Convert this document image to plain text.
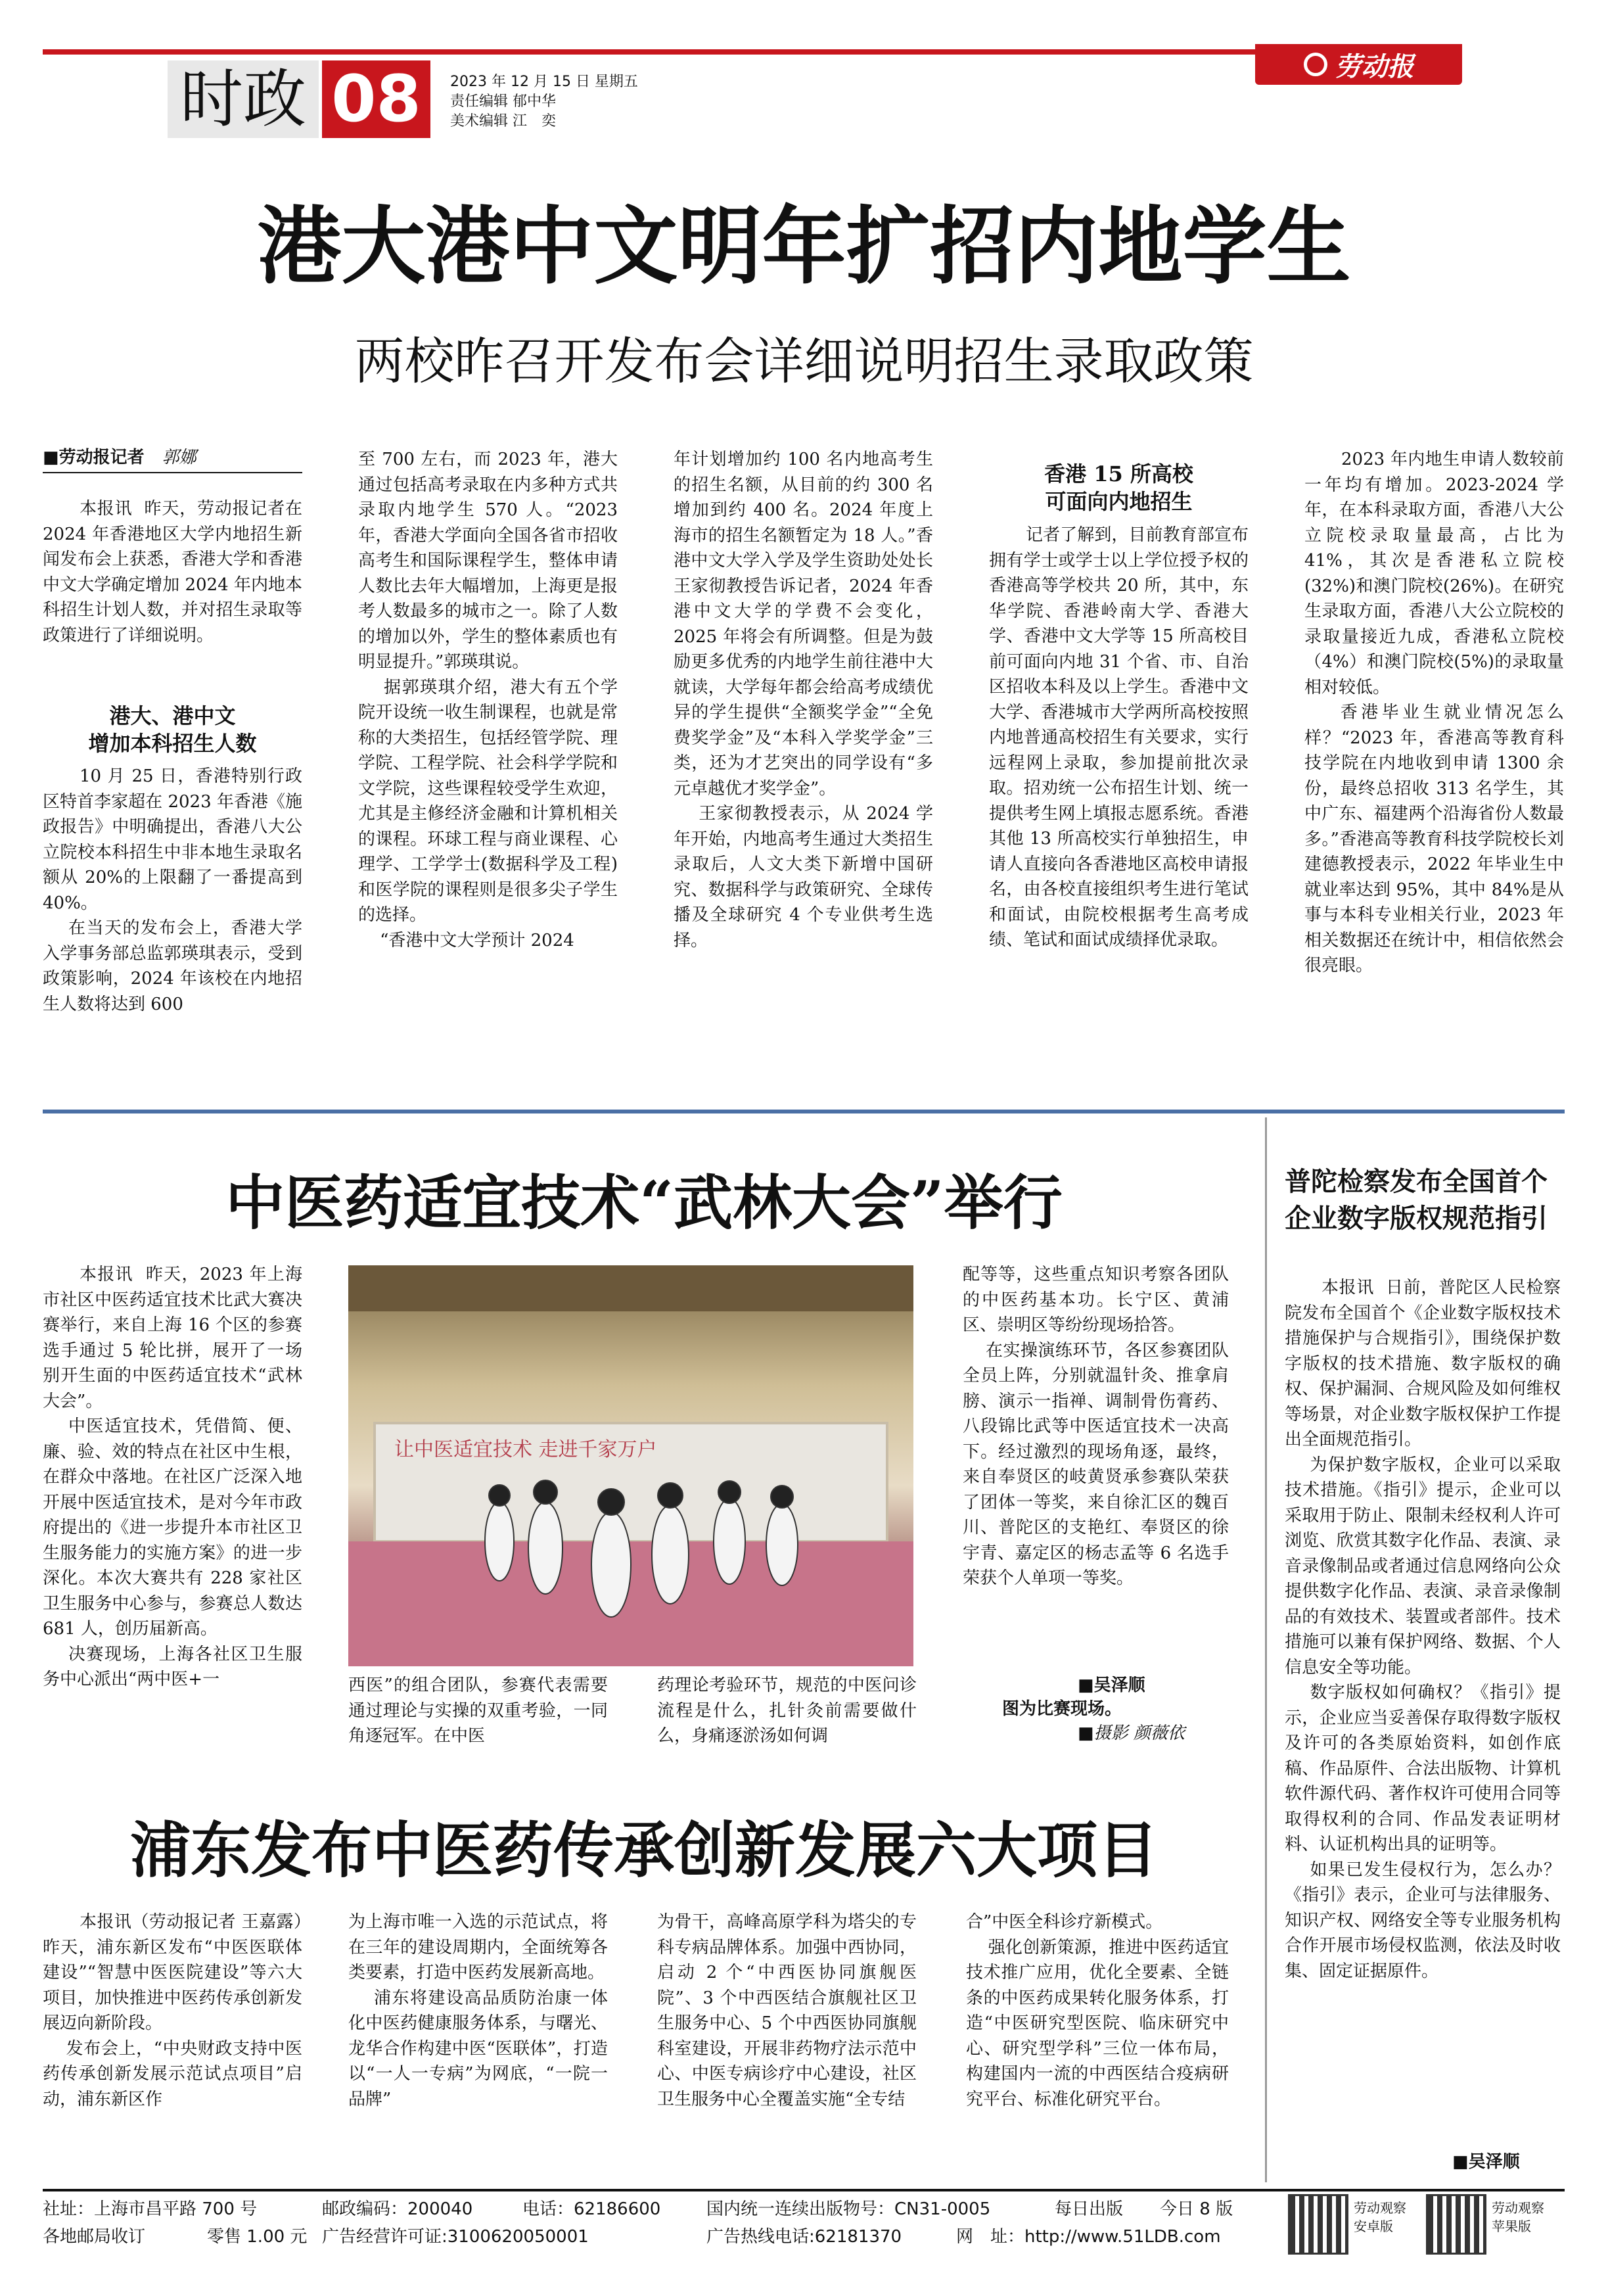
时政 08	2023 年 12 月 15 日 星期五
责任编辑 郁中华
美术编辑 江　奕
劳动报
港大港中文明年扩招内地学生
两校昨召开发布会详细说明招生录取政策
■劳动报记者 郭娜
本报讯  昨天，劳动报记者在 2024 年香港地区大学内地招生新闻发布会上获悉，香港大学和香港中文大学确定增加 2024 年内地本科招生计划人数，并对招生录取等政策进行了详细说明。
港大、港中文
增加本科招生人数
10 月 25 日，香港特别行政区特首李家超在 2023 年香港《施政报告》中明确提出，香港八大公立院校本科招生中非本地生录取名额从 20%的上限翻了一番提高到 40%。
在当天的发布会上，香港大学入学事务部总监郭瑛琪表示，受到政策影响，2024 年该校在内地招生人数将达到 600
至 700 左右，而 2023 年，港大通过包括高考录取在内多种方式共录取内地学生 570 人。“2023 年，香港大学面向全国各省市招收高考生和国际课程学生，整体申请人数比去年大幅增加，上海更是报考人数最多的城市之一。除了人数的增加以外，学生的整体素质也有明显提升。”郭瑛琪说。
据郭瑛琪介绍，港大有五个学院开设统一收生制课程，也就是常称的大类招生，包括经管学院、理学院、工程学院、社会科学学院和文学院，这些课程较受学生欢迎，尤其是主修经济金融和计算机相关的课程。环球工程与商业课程、心理学、工学学士(数据科学及工程)和医学院的课程则是很多尖子学生的选择。
“香港中文大学预计 2024
年计划增加约 100 名内地高考生的招生名额，从目前的约 300 名增加到约 400 名。2024 年度上海市的招生名额暂定为 18 人。”香港中文大学入学及学生资助处处长王家彻教授告诉记者，2024 年香港中文大学的学费不会变化，2025 年将会有所调整。但是为鼓励更多优秀的内地学生前往港中大就读，大学每年都会给高考成绩优异的学生提供“全额奖学金”“全免费奖学金”及“本科入学奖学金”三类，还为才艺突出的同学设有“多元卓越优才奖学金”。
王家彻教授表示，从 2024 学年开始，内地高考生通过大类招生录取后，人文大类下新增中国研究、数据科学与政策研究、全球传播及全球研究 4 个专业供考生选择。
香港 15 所高校
可面向内地招生
记者了解到，目前教育部宣布拥有学士或学士以上学位授予权的香港高等学校共 20 所，其中，东华学院、香港岭南大学、香港大学、香港中文大学等 15 所高校目前可面向内地 31 个省、市、自治区招收本科及以上学生。香港中文大学、香港城市大学两所高校按照内地普通高校招生有关要求，实行远程网上录取，参加提前批次录取。招劝统一公布招生计划、统一提供考生网上填报志愿系统。香港其他 13 所高校实行单独招生，申请人直接向各香港地区高校申请报名，由各校直接组织考生进行笔试和面试，由院校根据考生高考成绩、笔试和面试成绩择优录取。
2023 年内地生申请人数较前一年均有增加。2023-2024 学年，在本科录取方面，香港八大公立院校录取量最高，占比为 41%，其次是香港私立院校(32%)和澳门院校(26%)。在研究生录取方面，香港八大公立院校的录取量接近九成，香港私立院校（4%）和澳门院校(5%)的录取量相对较低。
香港毕业生就业情况怎么样？“2023 年，香港高等教育科技学院在内地收到申请 1300 余份，最终总招收 313 名学生，其中广东、福建两个沿海省份人数最多。”香港高等教育科技学院校长刘建德教授表示，2022 年毕业生中就业率达到 95%，其中 84%是从事与本科专业相关行业，2023 年相关数据还在统计中，相信依然会很亮眼。
中医药适宜技术“武林大会”举行
本报讯  昨天，2023 年上海市社区中医药适宜技术比武大赛决赛举行，来自上海 16 个区的参赛选手通过 5 轮比拼，展开了一场别开生面的中医药适宜技术“武林大会”。
中医适宜技术，凭借简、便、廉、验、效的特点在社区中生根，在群众中落地。在社区广泛深入地开展中医适宜技术，是对今年市政府提出的《进一步提升本市社区卫生服务能力的实施方案》的进一步深化。本次大赛共有 228 家社区卫生服务中心参与，参赛总人数达 681 人，创历届新高。
决赛现场，上海各社区卫生服务中心派出“两中医+一
让中医适宜技术 走进千家万户
西医”的组合团队，参赛代表需要通过理论与实操的双重考验，一同角逐冠军。在中医
药理论考验环节，规范的中医问诊流程是什么，扎针灸前需要做什么，身痛逐淤汤如何调
配等等，这些重点知识考察各团队的中医药基本功。长宁区、黄浦区、崇明区等纷纷现场拾答。
在实操演练环节，各区参赛团队全员上阵，分别就温针灸、推拿肩膀、演示一指禅、调制骨伤膏药、八段锦比武等中医适宜技术一决高下。经过激烈的现场角逐，最终，来自奉贤区的岐黄贤承参赛队荣获了团体一等奖，来自徐汇区的魏百川、普陀区的支艳红、奉贤区的徐宇青、嘉定区的杨志孟等 6 名选手荣获个人单项一等奖。
■吴泽顺
图为比赛现场。
■摄影 颜薇依
浦东发布中医药传承创新发展六大项目
本报讯（劳动报记者 王嘉露）昨天，浦东新区发布“中医医联体建设”“智慧中医医院建设”等六大项目，加快推进中医药传承创新发展迈向新阶段。
发布会上，“中央财政支持中医药传承创新发展示范试点项目”启动，浦东新区作
为上海市唯一入选的示范试点，将在三年的建设周期内，全面统筹各类要素，打造中医药发展新高地。
浦东将建设高品质防治康一体化中医药健康服务体系，与曙光、龙华合作构建中医“医联体”，打造以“一人一专病”为网底，“一院一品牌”
为骨干，高峰高原学科为塔尖的专科专病品牌体系。加强中西协同，启动 2 个“中西医协同旗舰医院”、3 个中西医结合旗舰社区卫生服务中心、5 个中西医协同旗舰科室建设，开展非药物疗法示范中心、中医专病诊疗中心建设，社区卫生服务中心全覆盖实施“全专结
合”中医全科诊疗新模式。
强化创新策源，推进中医药适宜技术推广应用，优化全要素、全链条的中医药成果转化服务体系，打造“中医研究型医院、临床研究中心、研究型学科”三位一体布局，构建国内一流的中西医结合疫病研究平台、标准化研究平台。
普陀检察发布全国首个
企业数字版权规范指引
本报讯  日前，普陀区人民检察院发布全国首个《企业数字版权技术措施保护与合规指引》，围绕保护数字版权的技术措施、数字版权的确权、保护漏洞、合规风险及如何维权等场景，对企业数字版权保护工作提出全面规范指引。
为保护数字版权，企业可以采取技术措施。《指引》提示，企业可以采取用于防止、限制未经权利人许可浏览、欣赏其数字化作品、表演、录音录像制品或者通过信息网络向公众提供数字化作品、表演、录音录像制品的有效技术、装置或者部件。技术措施可以兼有保护网络、数据、个人信息安全等功能。
数字版权如何确权？《指引》提示，企业应当妥善保存取得数字版权及许可的各类原始资料，如创作底稿、作品原件、合法出版物、计算机软件源代码、著作权许可使用合同等取得权利的合同、作品发表证明材料、认证机构出具的证明等。
如果已发生侵权行为，怎么办？《指引》表示，企业可与法律服务、知识产权、网络安全等专业服务机构合作开展市场侵权监测，依法及时收集、固定证据原件。
■吴泽顺
社址：上海市昌平路 700 号	邮政编码：200040	电话：62186600	国内统一连续出版物号：CN31-0005	每日出版 今日 8 版
各地邮局收订	零售 1.00 元 广告经营许可证:3100620050001	广告热线电话:62181370	网　址：http://www.51LDB.com
劳动观察
安卓版
劳动观察
苹果版
